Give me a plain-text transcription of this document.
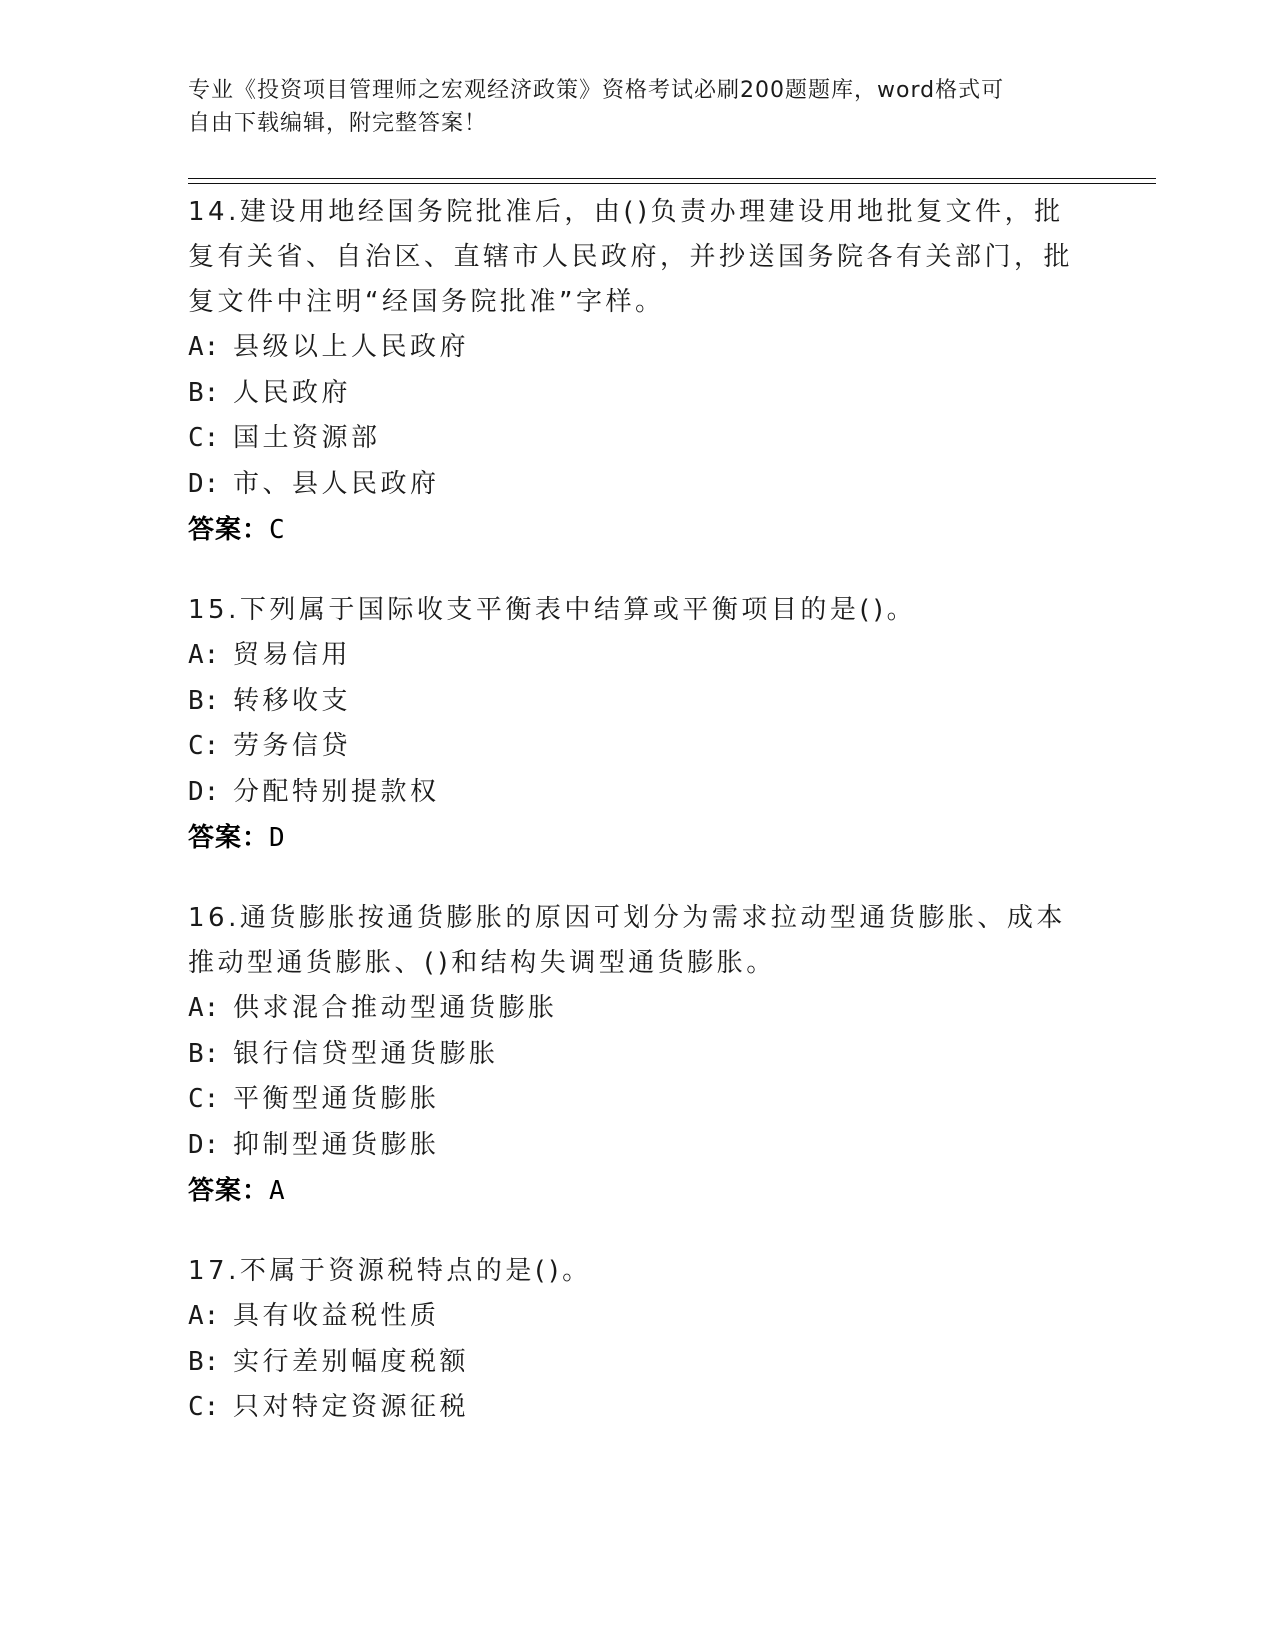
专业《投资项目管理师之宏观经济政策》资格考试必刷200题题库，word格式可
自由下载编辑，附完整答案！
14.建设用地经国务院批准后，由()负责办理建设用地批复文件，批复有关省、自治区、直辖市人民政府，并抄送国务院各有关部门，批复文件中注明“经国务院批准”字样。
A: 县级以上人民政府
B: 人民政府
C: 国土资源部
D: 市、县人民政府
答案：C
15.下列属于国际收支平衡表中结算或平衡项目的是()。
A: 贸易信用
B: 转移收支
C: 劳务信贷
D: 分配特别提款权
答案：D
16.通货膨胀按通货膨胀的原因可划分为需求拉动型通货膨胀、成本推动型通货膨胀、()和结构失调型通货膨胀。
A: 供求混合推动型通货膨胀
B: 银行信贷型通货膨胀
C: 平衡型通货膨胀
D: 抑制型通货膨胀
答案：A
17.不属于资源税特点的是()。
A: 具有收益税性质
B: 实行差别幅度税额
C: 只对特定资源征税
